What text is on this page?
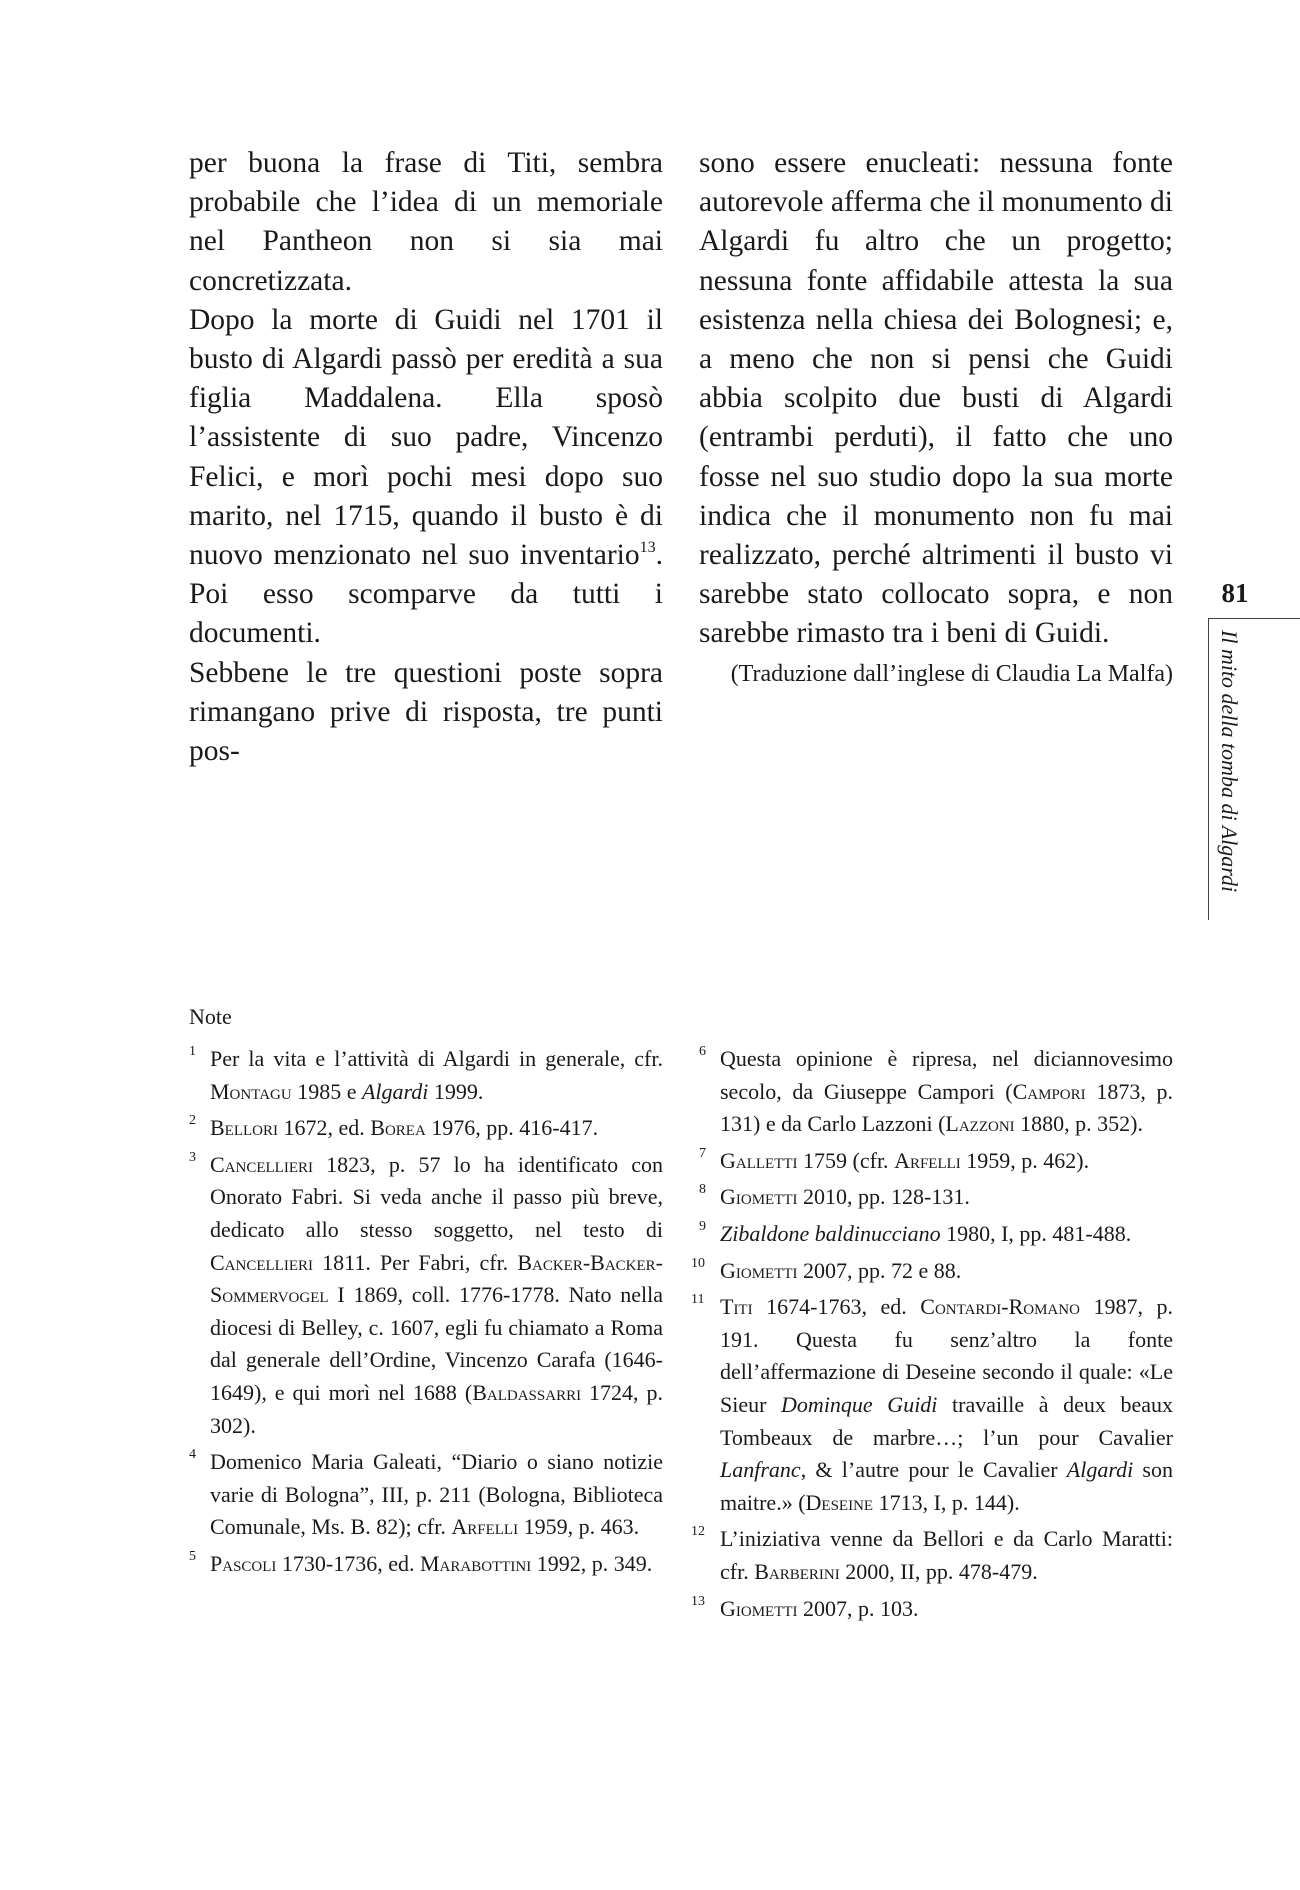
per buona la frase di Titi, sembra probabile che l’idea di un memoriale nel Pantheon non si sia mai concretizzata.

Dopo la morte di Guidi nel 1701 il busto di Algardi passò per eredità a sua figlia Maddalena. Ella sposò l’assistente di suo padre, Vincenzo Felici, e morì pochi mesi dopo suo marito, nel 1715, quando il busto è di nuovo menzionato nel suo inventario$^{13}$. Poi esso scomparve da tutti i documenti.

Sebbene le tre questioni poste sopra rimangano prive di risposta, tre punti pos-

sono essere enucleati: nessuna fonte autorevole afferma che il monumento di Algardi fu altro che un progetto; nessuna fonte affidabile attesta la sua esistenza nella chiesa dei Bolognesi; e, a meno che non si pensi che Guidi abbia scolpito due busti di Algardi (entrambi perduti), il fatto che uno fosse nel suo studio dopo la sua morte indica che il monumento non fu mai realizzato, perché altrimenti il busto vi sarebbe stato collocato sopra, e non sarebbe rimasto tra i beni di Guidi.

(Traduzione dall’inglese di Claudia La Malfa)

81
Il mito della tomba di Algardi
Note

1 Per la vita e l’attività di Algardi in generale, cfr. Montagu 1985 e Algardi 1999.

2 Bellori 1672, ed. Borea 1976, pp. 416-417.

3 Cancellieri 1823, p. 57 lo ha identificato con Onorato Fabri. Si veda anche il passo più breve, dedicato allo stesso soggetto, nel testo di Cancellieri 1811. Per Fabri, cfr. Backer-Backer-Sommervogel I 1869, coll. 1776-1778. Nato nella diocesi di Belley, c. 1607, egli fu chiamato a Roma dal generale dell’Ordine, Vincenzo Carafa (1646-1649), e qui morì nel 1688 (Baldassarri 1724, p. 302).

4 Domenico Maria Galeati, “Diario o siano notizie varie di Bologna”, III, p. 211 (Bologna, Biblioteca Comunale, Ms. B. 82); cfr. Arfelli 1959, p. 463.

5 Pascoli 1730-1736, ed. Marabottini 1992, p. 349.

6 Questa opinione è ripresa, nel diciannovesimo secolo, da Giuseppe Campori (Campori 1873, p. 131) e da Carlo Lazzoni (Lazzoni 1880, p. 352).

7 Galletti 1759 (cfr. Arfelli 1959, p. 462).

8 Giometti 2010, pp. 128-131.

9 Zibaldone baldinucciano 1980, I, pp. 481-488.

10 Giometti 2007, pp. 72 e 88.

11 Titi 1674-1763, ed. Contardi-Romano 1987, p. 191. Questa fu senz’altro la fonte dell’affermazione di Deseine secondo il quale: «Le Sieur Dominque Guidi travaille à deux beaux Tombeaux de marbre…; l’un pour Cavalier Lanfranc, & l’autre pour le Cavalier Algardi son maitre.» (Deseine 1713, I, p. 144).

12 L’iniziativa venne da Bellori e da Carlo Maratti: cfr. Barberini 2000, II, pp. 478-479.

13 Giometti 2007, p. 103.
